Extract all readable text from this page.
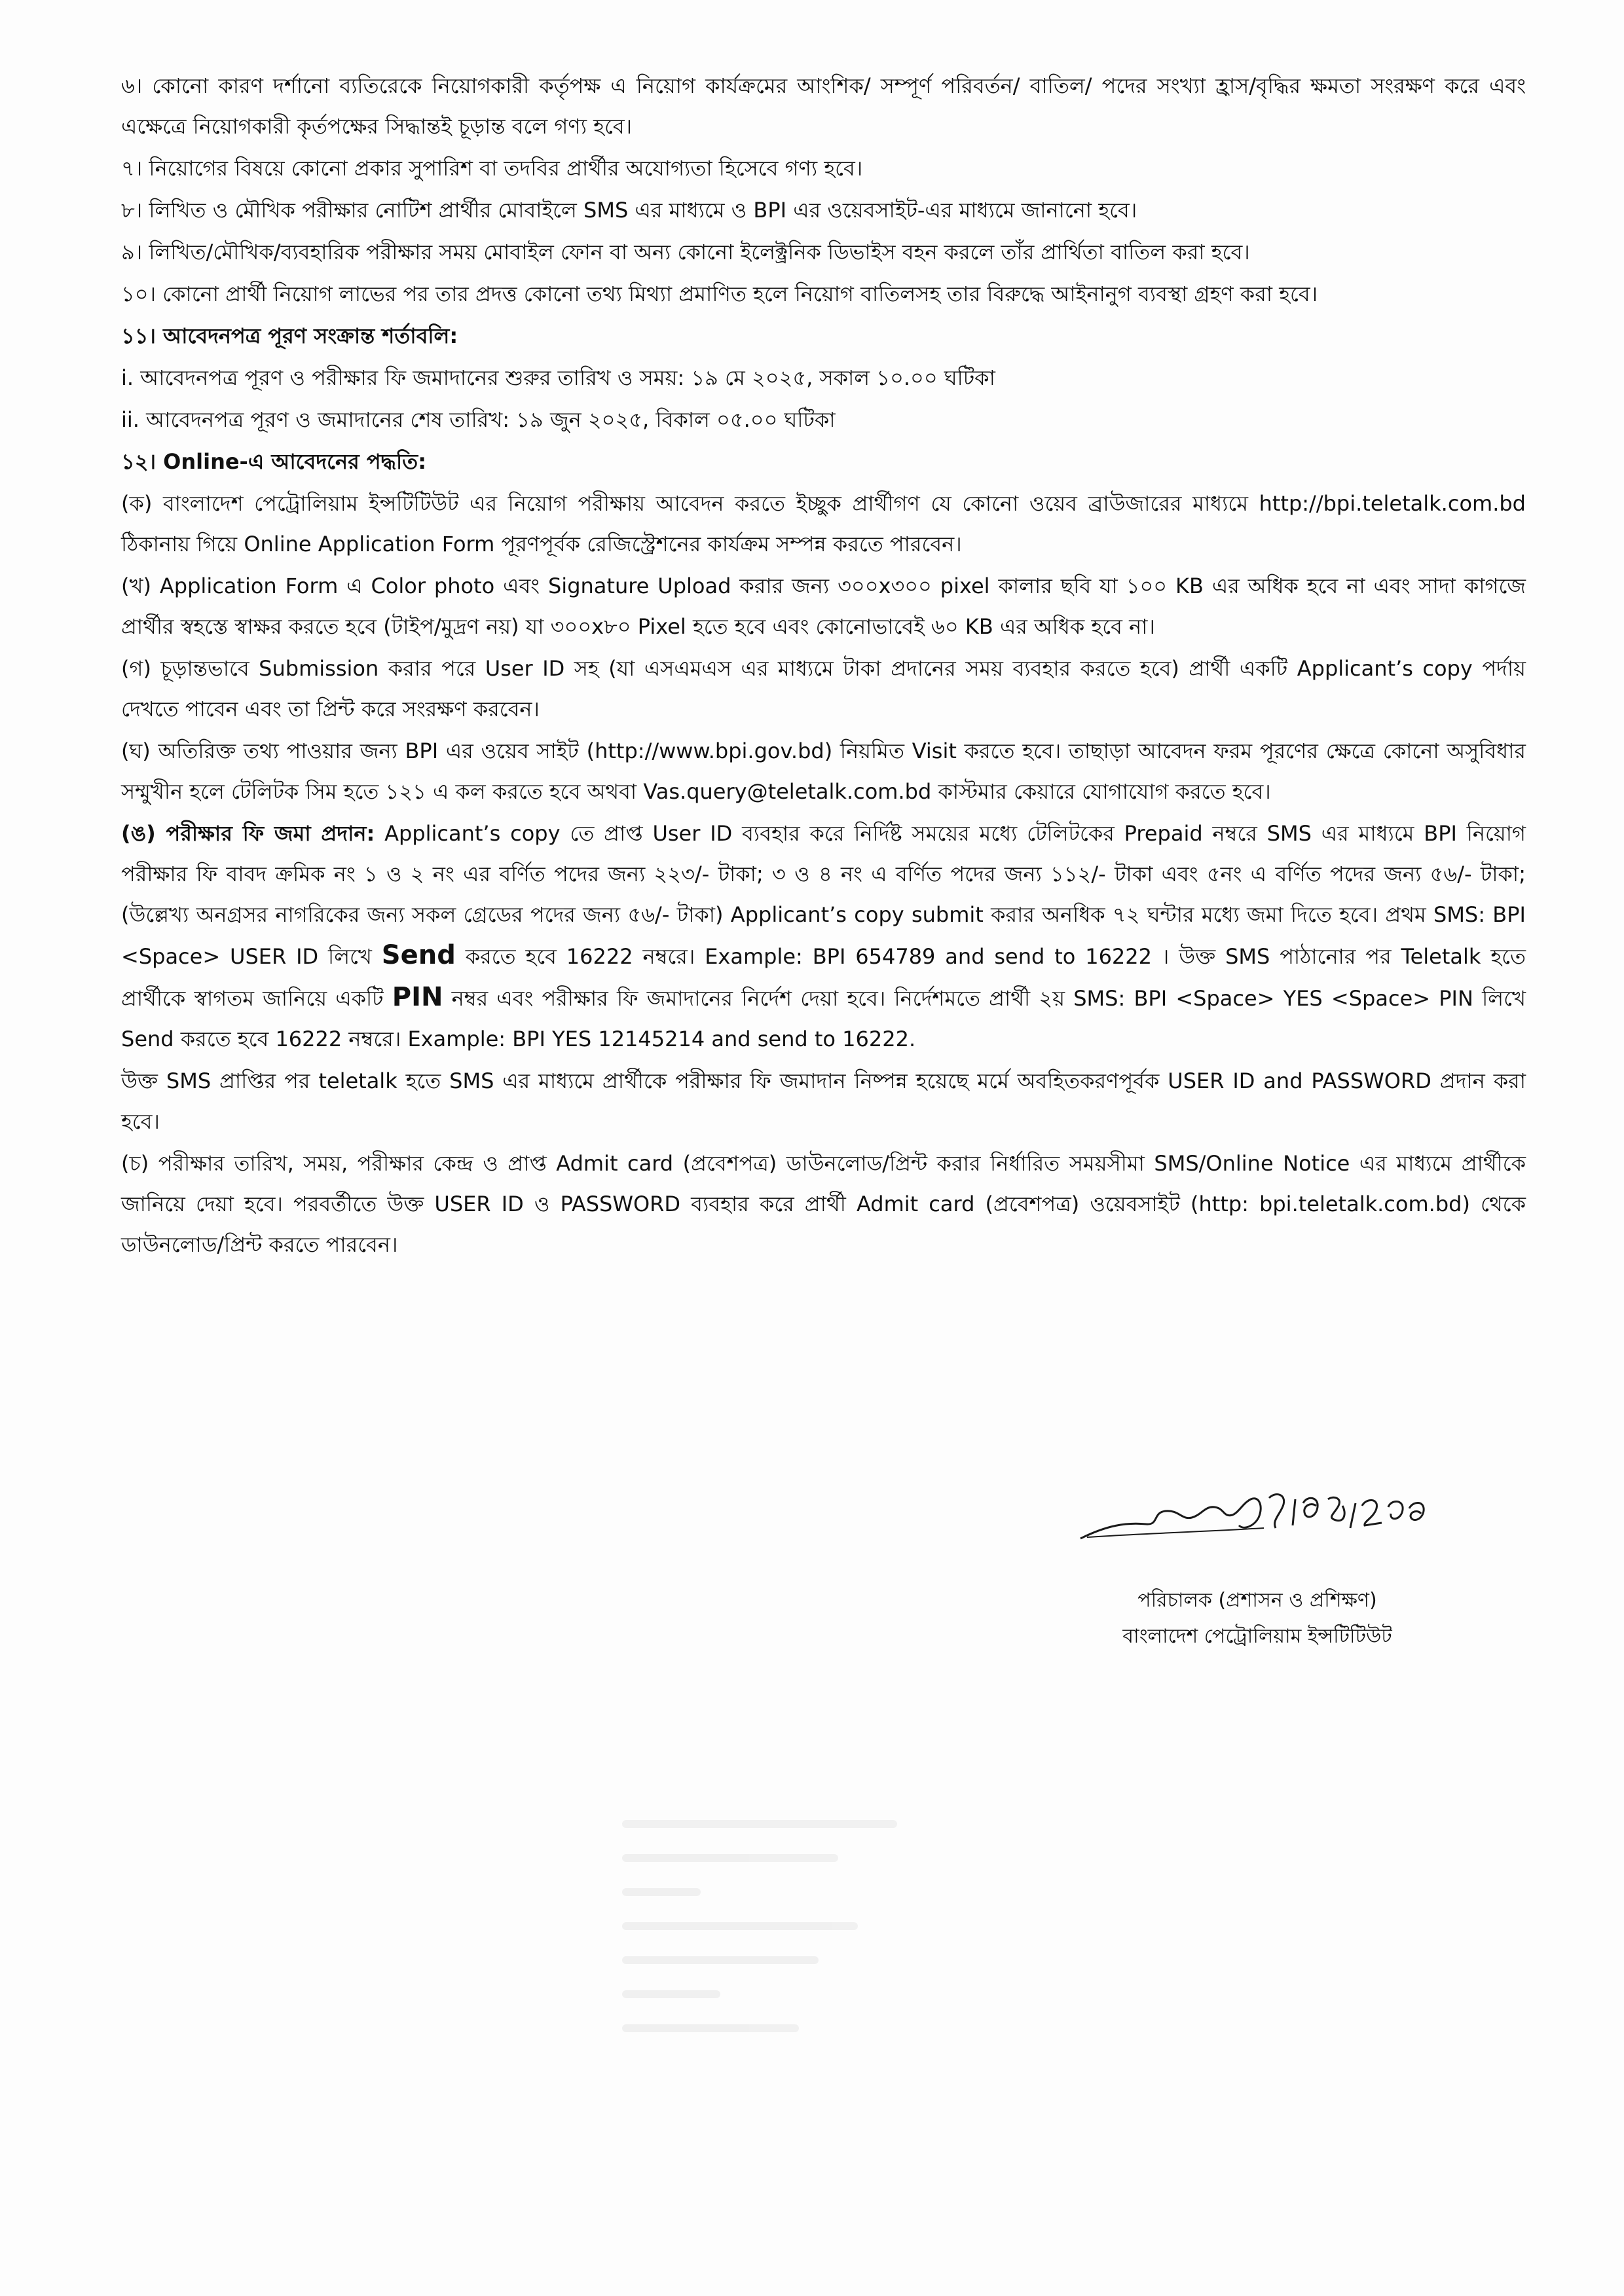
৬। কোনো কারণ দর্শানো ব্যতিরেকে নিয়োগকারী কর্তৃপক্ষ এ নিয়োগ কার্যক্রমের আংশিক/ সম্পূর্ণ পরিবর্তন/ বাতিল/ পদের সংখ্যা হ্রাস/বৃদ্ধির ক্ষমতা সংরক্ষণ করে এবং এক্ষেত্রে নিয়োগকারী কৃর্তপক্ষের সিদ্ধান্তই চূড়ান্ত বলে গণ্য হবে।

৭। নিয়োগের বিষয়ে কোনো প্রকার সুপারিশ বা তদবির প্রার্থীর অযোগ্যতা হিসেবে গণ্য হবে।

৮। লিখিত ও মৌখিক পরীক্ষার নোটিশ প্রার্থীর মোবাইলে SMS এর মাধ্যমে ও BPI এর ওয়েবসাইট-এর মাধ্যমে জানানো হবে।

৯। লিখিত/মৌখিক/ব্যবহারিক পরীক্ষার সময় মোবাইল ফোন বা অন্য কোনো ইলেক্ট্রনিক ডিভাইস বহন করলে তাঁর প্রার্থিতা বাতিল করা হবে।

১০। কোনো প্রার্থী নিয়োগ লাভের পর তার প্রদত্ত কোনো তথ্য মিথ্যা প্রমাণিত হলে নিয়োগ বাতিলসহ তার বিরুদ্ধে আইনানুগ ব্যবস্থা গ্রহণ করা হবে।

১১। আবেদনপত্র পূরণ সংক্রান্ত শর্তাবলি:

i. আবেদনপত্র পূরণ ও পরীক্ষার ফি জমাদানের শুরুর তারিখ ও সময়: ১৯ মে ২০২৫, সকাল ১০.০০ ঘটিকা

ii. আবেদনপত্র পূরণ ও জমাদানের শেষ তারিখ: ১৯ জুন ২০২৫, বিকাল ০৫.০০ ঘটিকা

১২। Online-এ আবেদনের পদ্ধতি:

(ক) বাংলাদেশ পেট্রোলিয়াম ইন্সটিটিউট এর নিয়োগ পরীক্ষায় আবেদন করতে ইচ্ছুক প্রার্থীগণ যে কোনো ওয়েব ব্রাউজারের মাধ্যমে http://bpi.teletalk.com.bd ঠিকানায় গিয়ে Online Application Form পূরণপূর্বক রেজিস্ট্রেশনের কার্যক্রম সম্পন্ন করতে পারবেন।

(খ) Application Form এ Color photo এবং Signature Upload করার জন্য ৩০০x৩০০ pixel কালার ছবি যা ১০০ KB এর অধিক হবে না এবং সাদা কাগজে প্রার্থীর স্বহস্তে স্বাক্ষর করতে হবে (টাইপ/মুদ্রণ নয়) যা ৩০০x৮০ Pixel হতে হবে এবং কোনোভাবেই ৬০ KB এর অধিক হবে না।

(গ) চূড়ান্তভাবে Submission করার পরে User ID সহ (যা এসএমএস এর মাধ্যমে টাকা প্রদানের সময় ব্যবহার করতে হবে) প্রার্থী একটি Applicant’s copy পর্দায় দেখতে পাবেন এবং তা প্রিন্ট করে সংরক্ষণ করবেন।

(ঘ) অতিরিক্ত তথ্য পাওয়ার জন্য BPI এর ওয়েব সাইট (http://www.bpi.gov.bd) নিয়মিত Visit করতে হবে। তাছাড়া আবেদন ফরম পূরণের ক্ষেত্রে কোনো অসুবিধার সম্মুখীন হলে টেলিটক সিম হতে ১২১ এ কল করতে হবে অথবা Vas.query@teletalk.com.bd কাস্টমার কেয়ারে যোগাযোগ করতে হবে।

(ঙ) পরীক্ষার ফি জমা প্রদান: Applicant’s copy তে প্রাপ্ত User ID ব্যবহার করে নির্দিষ্ট সময়ের মধ্যে টেলিটকের Prepaid নম্বরে SMS এর মাধ্যমে BPI নিয়োগ পরীক্ষার ফি বাবদ ক্রমিক নং ১ ও ২ নং এর বর্ণিত পদের জন্য ২২৩/- টাকা; ৩ ও ৪ নং এ বর্ণিত পদের জন্য ১১২/- টাকা এবং ৫নং এ বর্ণিত পদের জন্য ৫৬/- টাকা; (উল্লেখ্য অনগ্রসর নাগরিকের জন্য সকল গ্রেডের পদের জন্য ৫৬/- টাকা) Applicant’s copy submit করার অনধিক ৭২ ঘন্টার মধ্যে জমা দিতে হবে। প্রথম SMS: BPI <Space> USER ID লিখে Send করতে হবে 16222 নম্বরে। Example: BPI 654789 and send to 16222 । উক্ত SMS পাঠানোর পর Teletalk হতে প্রার্থীকে স্বাগতম জানিয়ে একটি PIN নম্বর এবং পরীক্ষার ফি জমাদানের নির্দেশ দেয়া হবে। নির্দেশমতে প্রার্থী ২য় SMS: BPI <Space> YES <Space> PIN লিখে Send করতে হবে 16222 নম্বরে। Example: BPI YES 12145214 and send to 16222.

উক্ত SMS প্রাপ্তির পর teletalk হতে SMS এর মাধ্যমে প্রার্থীকে পরীক্ষার ফি জমাদান নিষ্পন্ন হয়েছে মর্মে অবহিতকরণপূর্বক USER ID and PASSWORD প্রদান করা হবে।

(চ) পরীক্ষার তারিখ, সময়, পরীক্ষার কেন্দ্র ও প্রাপ্ত Admit card (প্রবেশপত্র) ডাউনলোড/প্রিন্ট করার নির্ধারিত সময়সীমা SMS/Online Notice এর মাধ্যমে প্রার্থীকে জানিয়ে দেয়া হবে। পরবর্তীতে উক্ত USER ID ও PASSWORD ব্যবহার করে প্রার্থী Admit card (প্রবেশপত্র) ওয়েবসাইট (http: bpi.teletalk.com.bd) থেকে ডাউনলোড/প্রিন্ট করতে পারবেন।

পরিচালক (প্রশাসন ও প্রশিক্ষণ)
বাংলাদেশ পেট্রোলিয়াম ইন্সটিটিউট
